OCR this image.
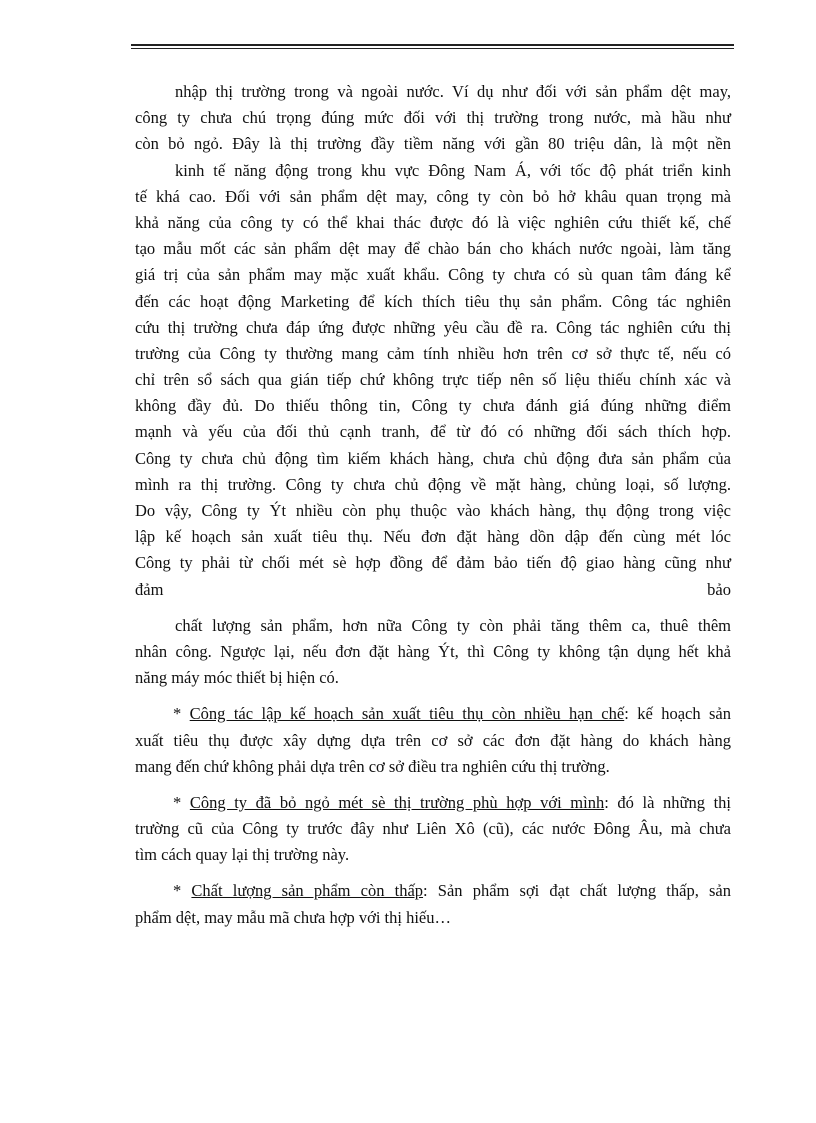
nhập thị trường trong và ngoài nước. Ví dụ như đối với sản phẩm dệt may,
công ty chưa chú trọng đúng mức đối với thị trường trong nước, mà hầu như
còn bỏ ngỏ. Đây là thị trường đầy tiềm năng với gần 80 triệu dân, là một nền
kinh tế năng động trong khu vực Đông Nam Á, với tốc độ phát triển kinh
tế khá cao. Đối với sản phẩm dệt may, công ty còn bỏ hở khâu quan trọng mà
khả năng của công ty có thể khai thác được đó là việc nghiên cứu thiết kế, chế
tạo mẫu mốt các sản phẩm dệt may để chào bán cho khách nước ngoài, làm tăng
giá trị của sản phẩm may mặc xuất khẩu. Công ty chưa có sù quan tâm đáng kể
đến các hoạt động Marketing để kích thích tiêu thụ sản phẩm. Công tác nghiên
cứu thị trường chưa đáp ứng được những yêu cầu đề ra. Công tác nghiên cứu thị
trường của Công ty thường mang cảm tính nhiều hơn trên cơ sở thực tế, nếu có
chỉ trên sổ sách qua gián tiếp chứ không trực tiếp nên số liệu thiếu chính xác và
không đầy đủ. Do thiếu thông tin, Công ty chưa đánh giá đúng những điểm
mạnh và yếu của đối thủ cạnh tranh, để từ đó có những đối sách thích hợp.
Công ty chưa chủ động tìm kiếm khách hàng, chưa chủ động đưa sản phẩm của
mình ra thị trường. Công ty chưa chủ động về mặt hàng, chủng loại, số lượng.
Do vậy, Công ty Ýt nhiều còn phụ thuộc vào khách hàng, thụ động trong việc
lập kế hoạch sản xuất tiêu thụ. Nếu đơn đặt hàng dồn dập đến cùng mét lóc
Công ty phải từ chối mét sè hợp đồng để đảm bảo tiến độ giao hàng cũng như
đảm bảo
chất lượng sản phẩm, hơn nữa Công ty còn phải tăng thêm ca, thuê thêm
nhân công. Ngược lại, nếu đơn đặt hàng Ýt, thì Công ty không tận dụng hết khả
năng máy móc thiết bị hiện có.
* Công tác lập kế hoạch sản xuất tiêu thụ còn nhiều hạn chế: kế hoạch sản
xuất tiêu thụ được xây dựng dựa trên cơ sở các đơn đặt hàng do khách hàng
mang đến chứ không phải dựa trên cơ sở điều tra nghiên cứu thị trường.
* Công ty đã bỏ ngỏ mét sè thị trường phù hợp với mình: đó là những thị
trường cũ của Công ty trước đây như Liên Xô (cũ), các nước Đông Âu, mà chưa
tìm cách quay lại thị trường này.
* Chất lượng sản phẩm còn thấp: Sản phẩm sợi đạt chất lượng thấp, sản
phẩm dệt, may mẫu mã chưa hợp với thị hiếu…
